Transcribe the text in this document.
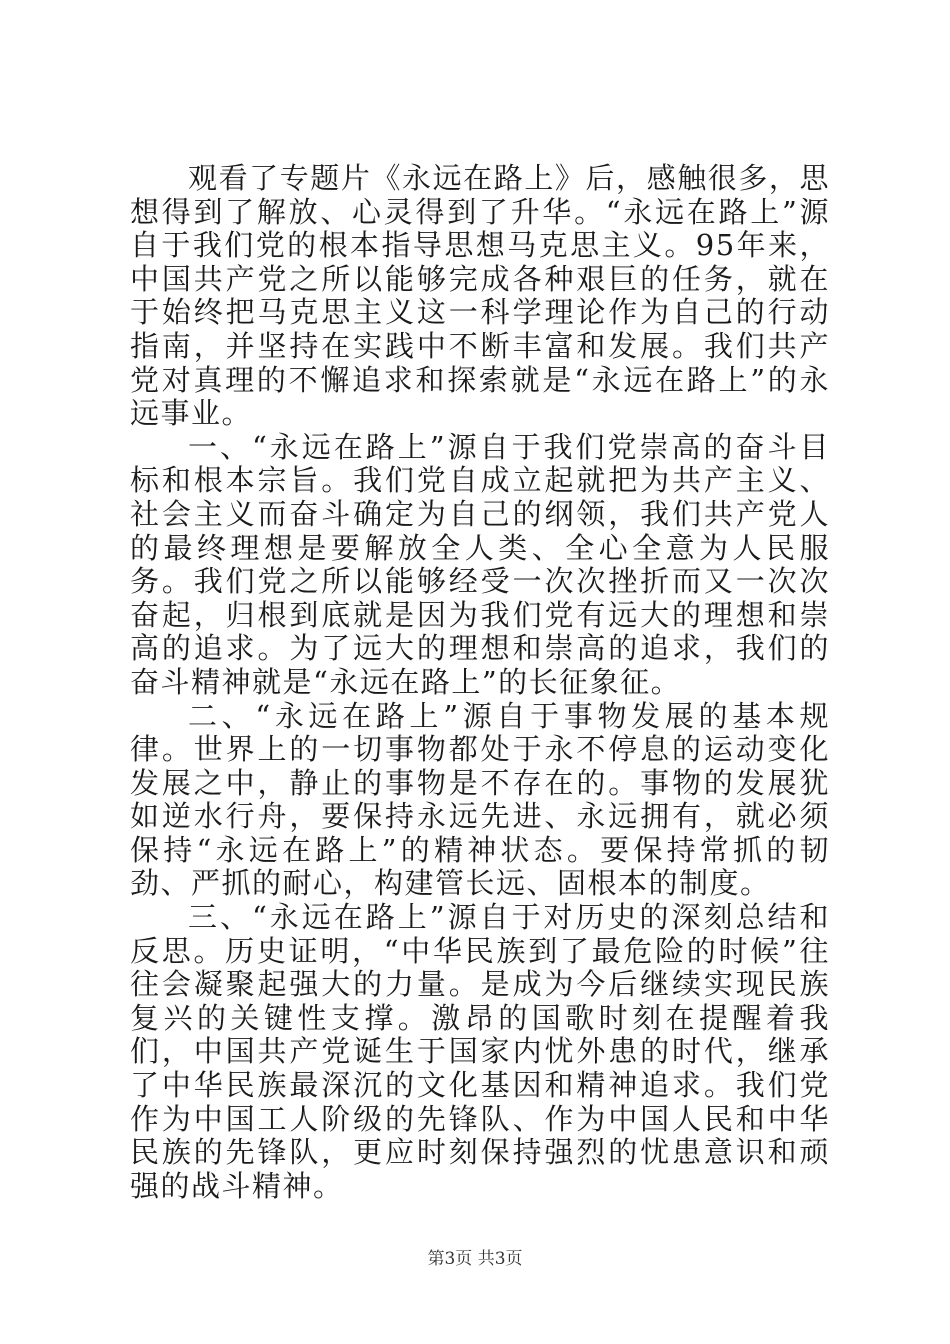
观看了专题片《永远在路上》后，感触很多，思想得到了解放、心灵得到了升华。“永远在路上”源自于我们党的根本指导思想马克思主义。95年来，中国共产党之所以能够完成各种艰巨的任务，就在于始终把马克思主义这一科学理论作为自己的行动指南，并坚持在实践中不断丰富和发展。我们共产党对真理的不懈追求和探索就是“永远在路上”的永远事业。

一、“永远在路上”源自于我们党崇高的奋斗目标和根本宗旨。我们党自成立起就把为共产主义、社会主义而奋斗确定为自己的纲领，我们共产党人的最终理想是要解放全人类、全心全意为人民服务。我们党之所以能够经受一次次挫折而又一次次奋起，归根到底就是因为我们党有远大的理想和崇高的追求。为了远大的理想和崇高的追求，我们的奋斗精神就是“永远在路上”的长征象征。

二、“永远在路上”源自于事物发展的基本规律。世界上的一切事物都处于永不停息的运动变化发展之中，静止的事物是不存在的。事物的发展犹如逆水行舟，要保持永远先进、永远拥有，就必须保持“永远在路上”的精神状态。要保持常抓的韧劲、严抓的耐心，构建管长远、固根本的制度。

三、“永远在路上”源自于对历史的深刻总结和反思。历史证明，“中华民族到了最危险的时候”往往会凝聚起强大的力量。是成为今后继续实现民族复兴的关键性支撑。激昂的国歌时刻在提醒着我们，中国共产党诞生于国家内忧外患的时代，继承了中华民族最深沉的文化基因和精神追求。我们党作为中国工人阶级的先锋队、作为中国人民和中华民族的先锋队，更应时刻保持强烈的忧患意识和顽强的战斗精神。

第3页 共3页
